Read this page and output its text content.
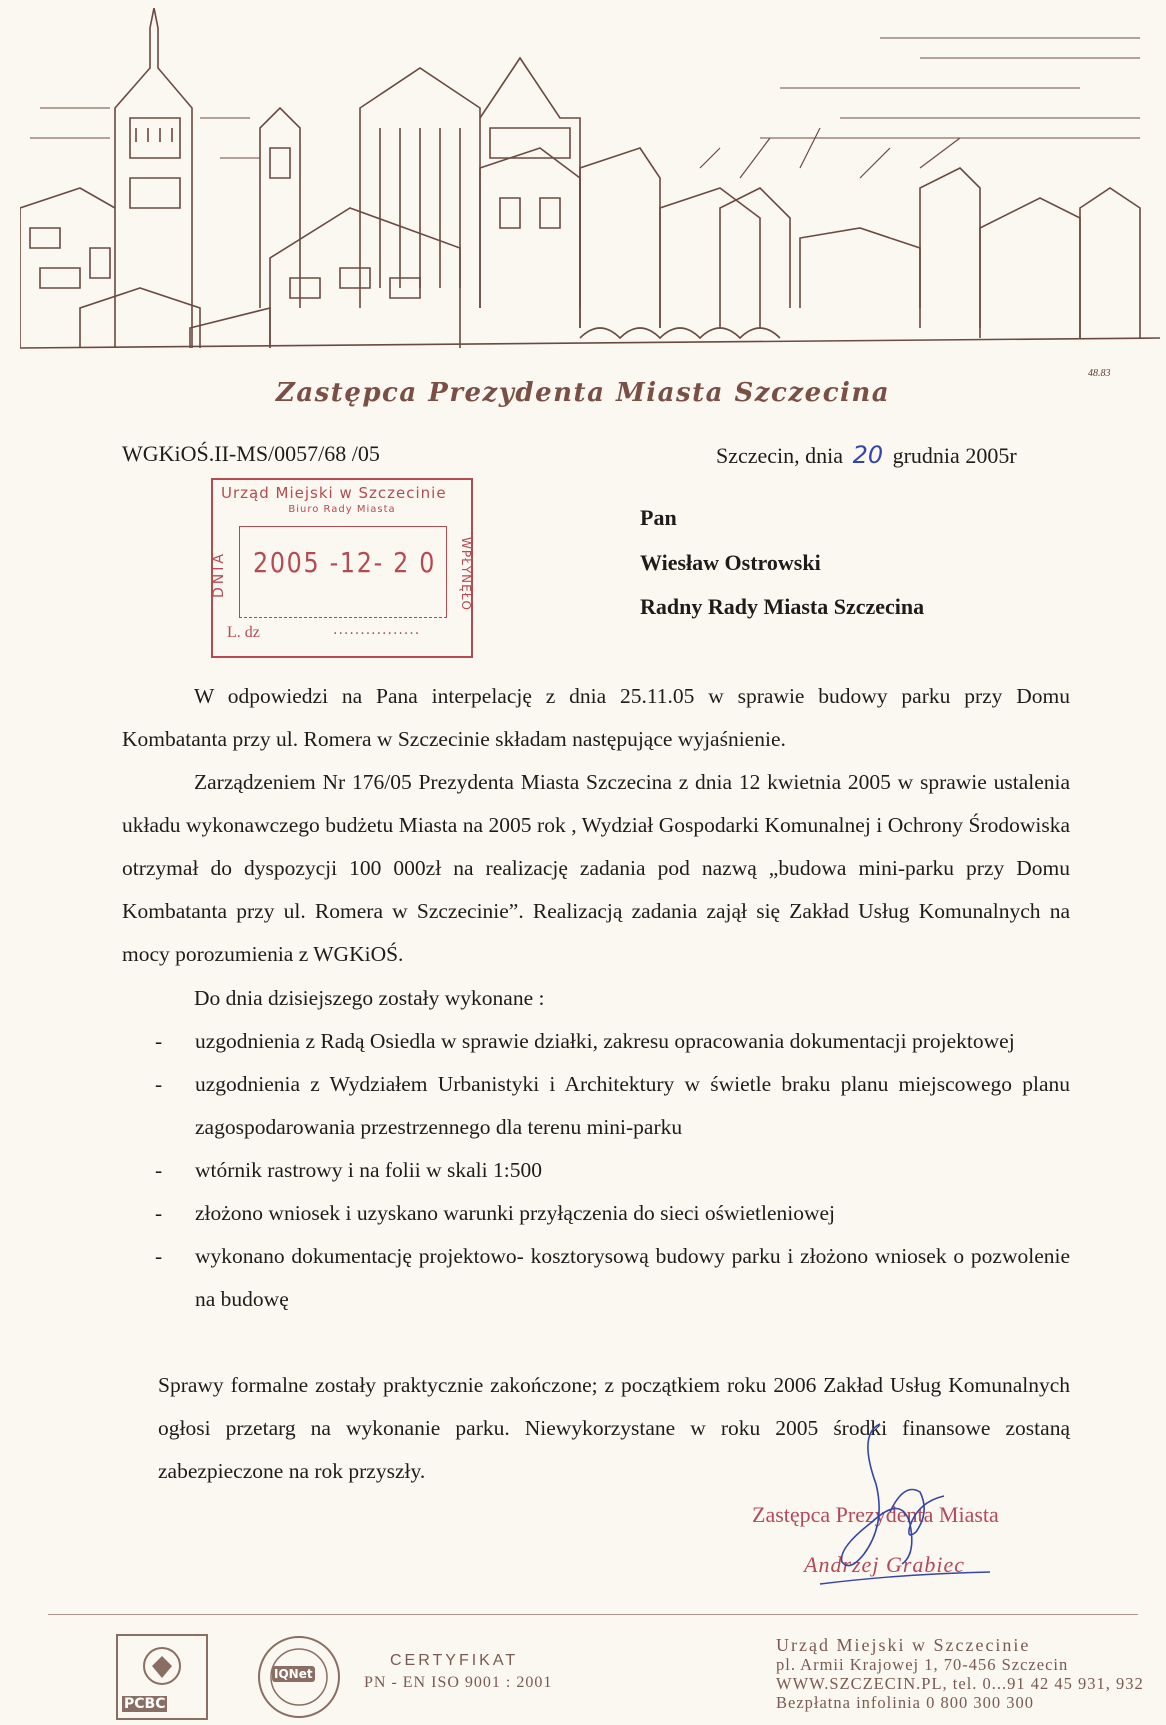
Zastępca Prezydenta Miasta Szczecina
48.83
WGKiOŚ.II-MS/0057/68 /05	Szczecin, dnia 20 grudnia 2005r
Urząd Miejski w Szczecinie
Biuro Rady Miasta
DNIA	WPŁYNĘŁO
2005 -12- 2 0
L. dz	................
Pan
Wiesław Ostrowski
Radny Rady Miasta Szczecina

W odpowiedzi na Pana interpelację z dnia 25.11.05 w sprawie budowy parku przy Domu Kombatanta przy ul. Romera w Szczecinie składam następujące wyjaśnienie.

Zarządzeniem Nr 176/05 Prezydenta Miasta Szczecina z dnia 12 kwietnia 2005 w sprawie ustalenia układu wykonawczego budżetu Miasta na 2005 rok , Wydział Gospodarki Komunalnej i Ochrony Środowiska otrzymał do dyspozycji 100 000zł na realizację zadania pod nazwą „budowa mini-parku przy Domu Kombatanta przy ul. Romera w Szczecinie”. Realizacją zadania zajął się Zakład Usług Komunalnych na mocy porozumienia z WGKiOŚ.

Do dnia dzisiejszego zostały wykonane :

- uzgodnienia z Radą Osiedla w sprawie działki, zakresu opracowania dokumentacji projektowej
- uzgodnienia z Wydziałem Urbanistyki i Architektury w świetle braku planu miejscowego planu zagospodarowania przestrzennego dla terenu mini-parku
- wtórnik rastrowy i na folii w skali 1:500
- złożono wniosek i uzyskano warunki przyłączenia do sieci oświetleniowej
- wykonano dokumentację projektowo- kosztorysową budowy parku i złożono wniosek o pozwolenie na budowę

Sprawy formalne zostały praktycznie zakończone; z początkiem roku 2006 Zakład Usług Komunalnych ogłosi przetarg na wykonanie parku. Niewykorzystane w roku 2005 środki finansowe zostaną zabezpieczone na rok przyszły.

Zastępca Prezydenta Miasta
Andrzej Grabiec
PCBC
IQNet
CERTYFIKAT
PN - EN ISO 9001 : 2001
Urząd Miejski w Szczecinie
pl. Armii Krajowej 1, 70-456 Szczecin
WWW.SZCZECIN.PL, tel. 0...91 42 45 931, 932
Bezpłatna infolinia 0 800 300 300
